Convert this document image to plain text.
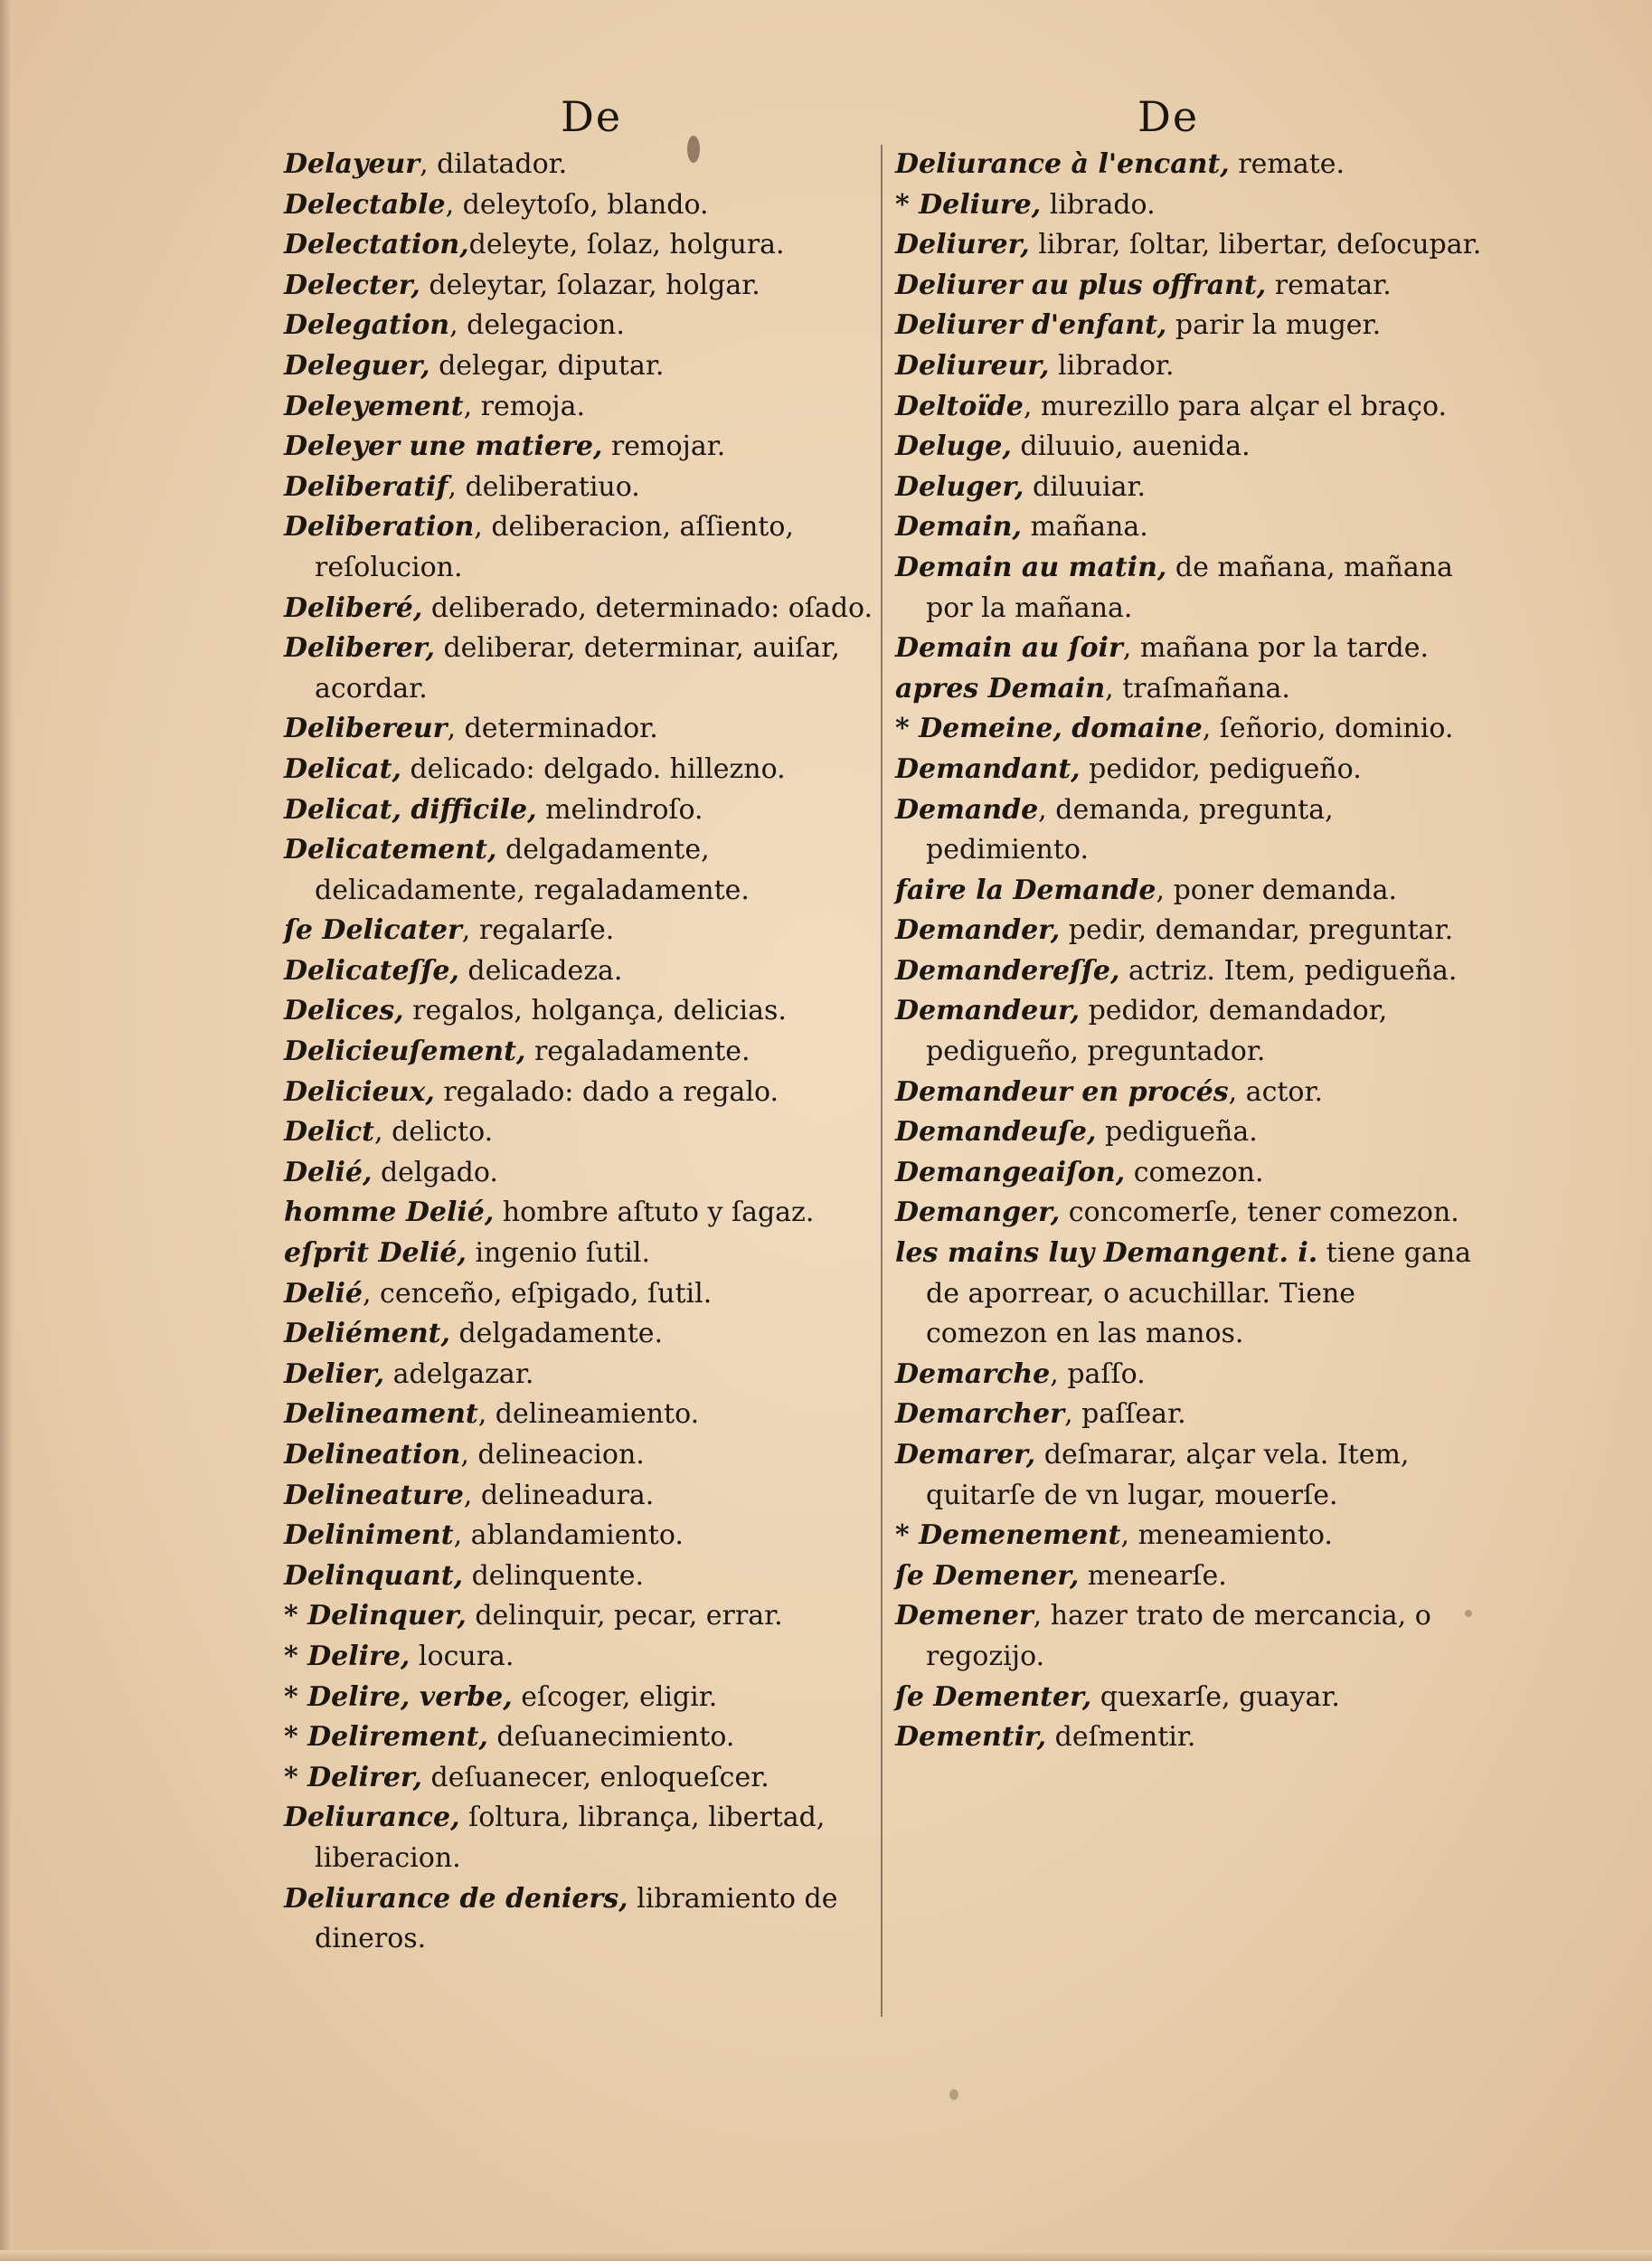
De	De
Delayeur, dilatador.
Delectable, deleytoſo, blando.
Delectation,deleyte, ſolaz, holgura.
Delecter, deleytar, ſolazar, holgar.
Delegation, delegacion.
Deleguer, delegar, diputar.
Deleyement, remoja.
Deleyer une matiere, remojar.
Deliberatif, deliberatiuo.
Deliberation, deliberacion, aſſiento, reſolucion.
Deliberé, deliberado, determinado: oſado.
Deliberer, deliberar, determinar, auiſar, acordar.
Delibereur, determinador.
Delicat, delicado: delgado. hillezno.
Delicat, difficile, melindroſo.
Delicatement, delgadamente, delicadamente, regaladamente.
ſe Delicater, regalarſe.
Delicateſſe, delicadeza.
Delices, regalos, holgança, delicias.
Delicieuſement, regaladamente.
Delicieux, regalado: dado a regalo.
Delict, delicto.
Delié, delgado.
homme Delié, hombre aſtuto y ſagaz.
eſprit Delié, ingenio ſutil.
Delié, cenceño, eſpigado, ſutil.
Deliément, delgadamente.
Delier, adelgazar.
Delineament, delineamiento.
Delineation, delineacion.
Delineature, delineadura.
Deliniment, ablandamiento.
Delinquant, delinquente.
* Delinquer, delinquir, pecar, errar.
* Delire, locura.
* Delire, verbe, eſcoger, eligir.
* Delirement, deſuanecimiento.
* Delirer, deſuanecer, enloqueſcer.
Deliurance, ſoltura, librança, libertad, liberacion.
Deliurance de deniers, libramiento de dineros.
Deliurance à l'encant, remate.
* Deliure, librado.
Deliurer, librar, ſoltar, libertar, deſocupar.
Deliurer au plus offrant, rematar.
Deliurer d'enfant, parir la muger.
Deliureur, librador.
Deltoïde, murezillo para alçar el braço.
Deluge, diluuio, auenida.
Deluger, diluuiar.
Demain, mañana.
Demain au matin, de mañana, mañana por la mañana.
Demain au ſoir, mañana por la tarde.
apres Demain, traſmañana.
* Demeine, domaine, ſeñorio, dominio.
Demandant, pedidor, pedigueño.
Demande, demanda, pregunta, pedimiento.
faire la Demande, poner demanda.
Demander, pedir, demandar, preguntar.
Demandereſſe, actriz. Item, pedigueña.
Demandeur, pedidor, demandador, pedigueño, preguntador.
Demandeur en procés, actor.
Demandeuſe, pedigueña.
Demangeaiſon, comezon.
Demanger, concomerſe, tener comezon.
les mains luy Demangent. i. tiene gana de aporrear, o acuchillar. Tiene comezon en las manos.
Demarche, paſſo.
Demarcher, paſſear.
Demarer, deſmarar, alçar vela. Item, quitarſe de vn lugar, mouerſe.
* Demenement, meneamiento.
ſe Demener, menearſe.
Demener, hazer trato de mercancia, o regozijo.
ſe Dementer, quexarſe, guayar.
Dementir, deſmentir.
